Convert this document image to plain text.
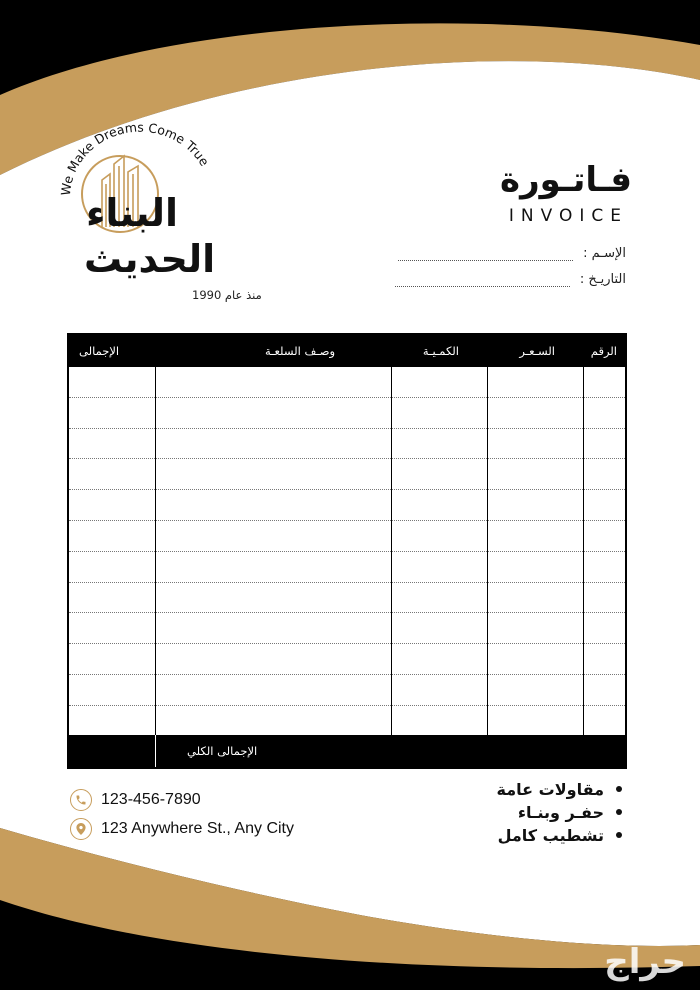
We Make Dreams Come True
البناء
الحديث
منذ عام 1990
فـاتـورة
INVOICE
الإسـم :
التاريـخ :
الرقم
السـعـر
الكمـيـة
وصـف السلعـة
الإجمالى
الإجمالى الكلي
123-456-7890
123 Anywhere St., Any City
مقاولات عامة
حفـر وبنـاء
تشطيب كامل
حراج
